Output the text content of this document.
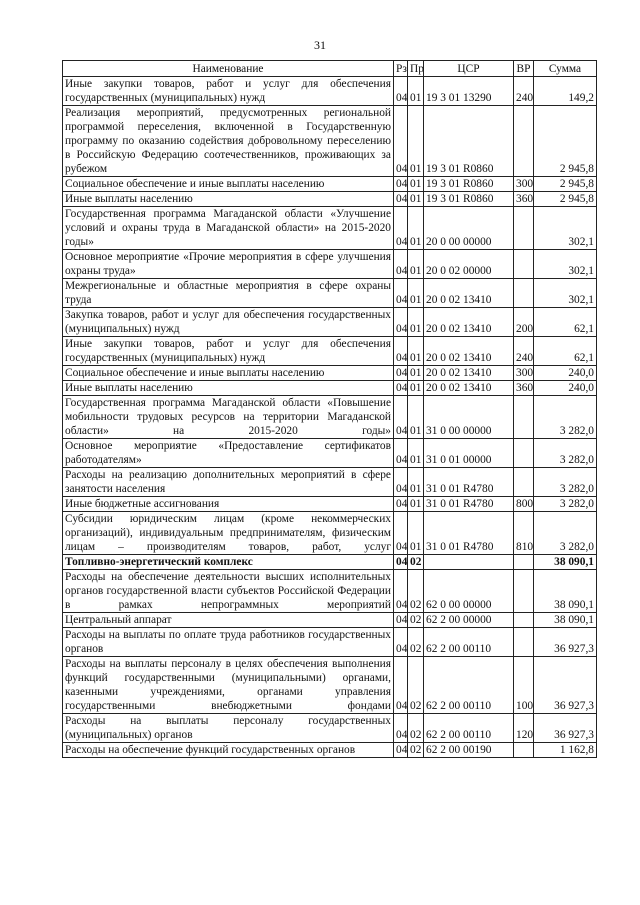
31
Наименование	Рз	Пр	ЦСР	ВР	Сумма
Иные закупки товаров, работ и услуг для обеспечения государственных (муниципальных) нужд	04	01	19 3 01 13290	240	149,2
Реализация мероприятий, предусмотренных региональной программой переселения, включенной в Государственную программу по оказанию содействия добровольному переселению в Российскую Федерацию соотечественников, проживающих за рубежом	04	01	19 3 01 R0860		2 945,8
Социальное обеспечение и иные выплаты населению	04	01	19 3 01 R0860	300	2 945,8
Иные выплаты населению	04	01	19 3 01 R0860	360	2 945,8
Государственная программа Магаданской области «Улучшение условий и охраны труда в Магаданской области» на 2015-2020 годы»	04	01	20 0 00 00000		302,1
Основное мероприятие «Прочие мероприятия в сфере улучшения охраны труда»	04	01	20 0 02 00000		302,1
Межрегиональные и областные мероприятия в сфере охраны труда	04	01	20 0 02 13410		302,1
Закупка товаров, работ и услуг для обеспечения государственных (муниципальных) нужд	04	01	20 0 02 13410	200	62,1
Иные закупки товаров, работ и услуг для обеспечения государственных (муниципальных) нужд	04	01	20 0 02 13410	240	62,1
Социальное обеспечение и иные выплаты населению	04	01	20 0 02 13410	300	240,0
Иные выплаты населению	04	01	20 0 02 13410	360	240,0
Государственная программа Магаданской области «Повышение мобильности трудовых ресурсов на территории Магаданской области» на 2015-2020 годы»	04	01	31 0 00 00000		3 282,0
Основное мероприятие «Предоставление сертификатов работодателям»	04	01	31 0 01 00000		3 282,0
Расходы на реализацию дополнительных мероприятий в сфере занятости населения	04	01	31 0 01 R4780		3 282,0
Иные бюджетные ассигнования	04	01	31 0 01 R4780	800	3 282,0
Субсидии юридическим лицам (кроме некоммерческих организаций), индивидуальным предпринимателям, физическим лицам – производителям товаров, работ, услуг	04	01	31 0 01 R4780	810	3 282,0
Топливно-энергетический комплекс	04	02			38 090,1
Расходы на обеспечение деятельности высших исполнительных органов государственной власти субъектов Российской Федерации в рамках непрограммных мероприятий	04	02	62 0 00 00000		38 090,1
Центральный аппарат	04	02	62 2 00 00000		38 090,1
Расходы на выплаты по оплате труда работников государственных органов	04	02	62 2 00 00110		36 927,3
Расходы на выплаты персоналу в целях обеспечения выполнения функций государственными (муниципальными) органами, казенными учреждениями, органами управления государственными внебюджетными фондами	04	02	62 2 00 00110	100	36 927,3
Расходы на выплаты персоналу государственных (муниципальных) органов	04	02	62 2 00 00110	120	36 927,3
Расходы на обеспечение функций государственных органов	04	02	62 2 00 00190		1 162,8
